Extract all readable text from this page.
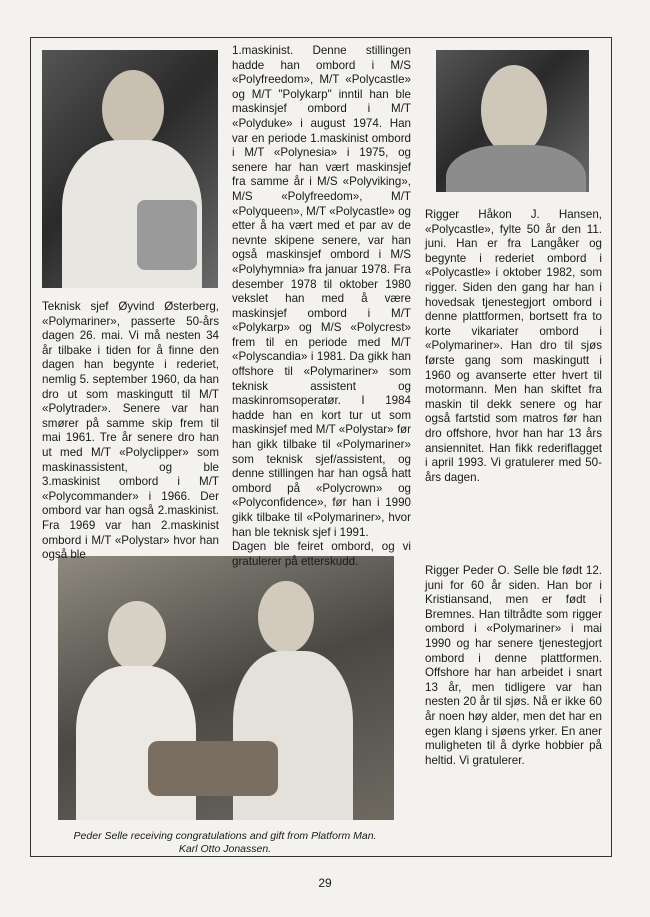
Teknisk sjef Øyvind Østerberg, «Polymariner», passerte 50-års dagen 26. mai. Vi må nesten 34 år tilbake i tiden for å finne den dagen han begynte i rederiet, nemlig 5. september 1960, da han dro ut som maskingutt til M/T «Polytrader». Senere var han smører på samme skip frem til mai 1961. Tre år senere dro han ut med M/T «Polyclipper» som maskinassistent, og ble 3.maskinist ombord i M/T «Polycommander» i 1966. Der ombord var han også 2.maskinist. Fra 1969 var han 2.maskinist ombord i M/T «Polystar» hvor han også ble

1.maskinist. Denne stillingen hadde han ombord i M/S «Polyfreedom», M/T «Polycastle» og M/T "Polykarp" inntil han ble maskinsjef ombord i M/T «Polyduke» i august 1974. Han var en periode 1.maskinist ombord i M/T «Polynesia» i 1975, og senere har han vært maskinsjef fra samme år i M/S «Polyviking», M/S «Polyfreedom», M/T «Polyqueen», M/T «Polycastle» og etter å ha vært med et par av de nevnte skipene senere, var han også maskinsjef ombord i M/S «Polyhymnia» fra januar 1978. Fra desember 1978 til oktober 1980 vekslet han med å være maskinsjef ombord i M/T «Polykarp» og M/S «Polycrest» frem til en periode med M/T «Polyscandia» i 1981. Da gikk han offshore til «Polymariner» som teknisk assistent og maskinromsoperatør. I 1984 hadde han en kort tur ut som maskinsjef med M/T «Polystar» før han gikk tilbake til «Polymariner» som teknisk sjef/assistent, og denne stillingen har han også hatt ombord på «Polycrown» og «Polyconfidence», før han i 1990 gikk tilbake til «Polymariner», hvor han ble teknisk sjef i 1991.

Dagen ble feiret ombord, og vi gratulerer på etterskudd.

Rigger Håkon J. Hansen, «Polycastle», fylte 50 år den 11. juni. Han er fra Langåker og begynte i rederiet ombord i «Polycastle» i oktober 1982, som rigger. Siden den gang har han i hovedsak tjenestegjort ombord i denne plattformen, bortsett fra to korte vikariater ombord i «Polymariner». Han dro til sjøs første gang som maskingutt i 1960 og avanserte etter hvert til motormann. Men han skiftet fra maskin til dekk senere og har også fartstid som matros før han dro offshore, hvor han har 13 års ansiennitet. Han fikk rederiflagget i april 1993. Vi gratulerer med 50-års dagen.

Rigger Peder O. Selle ble født 12. juni for 60 år siden. Han bor i Kristiansand, men er født i Bremnes. Han tiltrådte som rigger ombord i «Polymariner» i mai 1990 og har senere tjenestegjort ombord i denne plattformen. Offshore har han arbeidet i snart 13 år, men tidligere var han nesten 20 år til sjøs. Nå er ikke 60 år noen høy alder, men det har en egen klang i sjøens yrker. En aner muligheten til å dyrke hobbier på heltid. Vi gratulerer.

Peder Selle receiving congratulations and gift from Platform Man.
Karl Otto Jonassen.
29
